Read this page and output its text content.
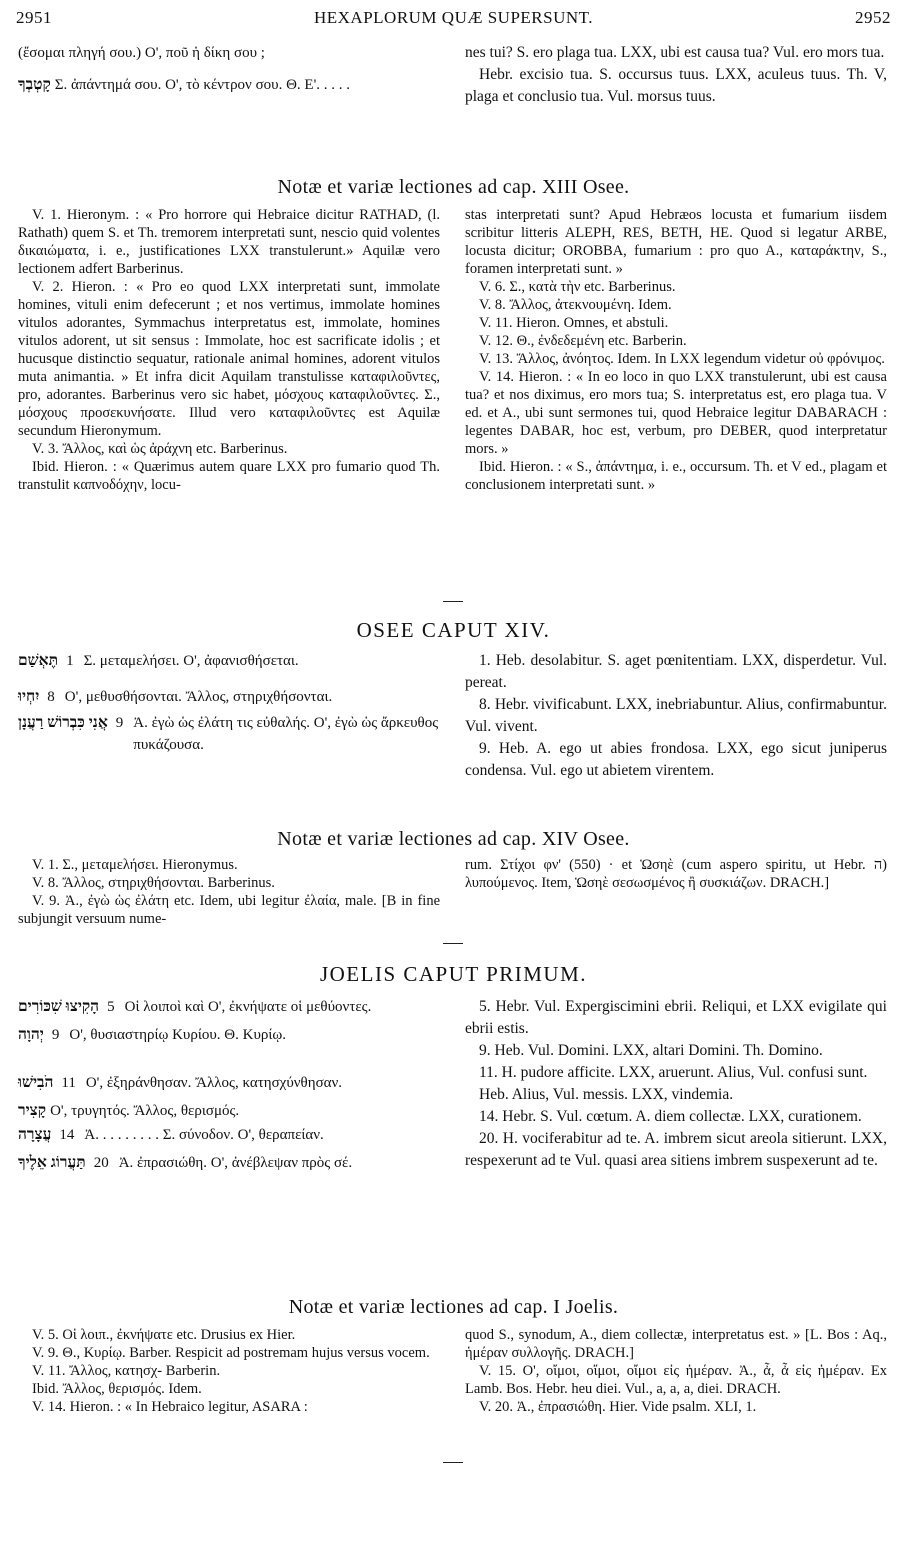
2951	HEXAPLORUM QUÆ SUPERSUNT.	2952
(ἔσομαι πληγή σου.) Ο', ποῦ ἡ δίκη σου ;
קָטְבְךָ Σ. ἀπάντημά σου. Ο', τὸ κέντρον σου. Θ. Ε'. . . . .

nes tui? S. ero plaga tua. LXX, ubi est causa tua? Vul. ero mors tua.

Hebr. excisio tua. S. occursus tuus. LXX, aculeus tuus. Th. V, plaga et conclusio tua. Vul. morsus tuus.

Notæ et variæ lectiones ad cap. XIII Osee.

V. 1. Hieronym. : « Pro horrore qui Hebraice dicitur RATHAD, (l. Rathath) quem S. et Th. tremorem interpretati sunt, nescio quid volentes δικαιώματα, i. e., justificationes LXX transtulerunt.» Aquilæ vero lectionem adfert Barberinus.

V. 2. Hieron. : « Pro eo quod LXX interpretati sunt, immolate homines, vituli enim defecerunt ; et nos vertimus, immolate homines vitulos adorantes, Symmachus interpretatus est, immolate, homines vitulos adorent, ut sit sensus : Immolate, hoc est sacrificate idolis ; et hucusque distinctio sequatur, rationale animal homines, adorent vitulos muta animantia. » Et infra dicit Aquilam transtulisse καταφιλοῦντες, pro, adorantes. Barberinus vero sic habet, μόσχους καταφιλοῦντες. Σ., μόσχους προσεκυνήσατε. Illud vero καταφιλοῦντες est Aquilæ secundum Hieronymum.

V. 3. Ἄλλος, καὶ ὡς ἀράχνη etc. Barberinus.

Ibid. Hieron. : « Quærimus autem quare LXX pro fumario quod Th. transtulit καπνοδόχην, locu-

stas interpretati sunt? Apud Hebræos locusta et fumarium iisdem scribitur litteris ALEPH, RES, BETH, HE. Quod si legatur ARBE, locusta dicitur; OROBBA, fumarium : pro quo A., καταράκτην, S., foramen interpretati sunt. »

V. 6. Σ., κατὰ τὴν etc. Barberinus.

V. 8. Ἄλλος, ἀτεκνουμένη. Idem.

V. 11. Hieron. Omnes, et abstuli.

V. 12. Θ., ἐνδεδεμένη etc. Barberin.

V. 13. Ἄλλος, ἀνόητος. Idem. In LXX legendum videtur οὐ φρόνιμος.

V. 14. Hieron. : « In eo loco in quo LXX transtulerunt, ubi est causa tua? et nos diximus, ero mors tua; S. interpretatus est, ero plaga tua. V ed. et A., ubi sunt sermones tui, quod Hebraice legitur DABARACH : legentes DABAR, hoc est, verbum, pro DEBER, quod interpretatur mors. »

Ibid. Hieron. : « S., ἀπάντημα, i. e., occursum. Th. et V ed., plagam et conclusionem interpretati sunt. »

OSEE CAPUT XIV.
תֶּאְשַׁם 1 Σ. μεταμελήσει. Ο', ἀφανισθήσεται.
יִחְיוּ 8 Ο', μεθυσθήσονται. Ἄλλος, στηριχθήσονται.
אֲנִי כִּבְרוֹשׁ רַעֲנָן 9 Ἀ. ἐγὼ ὡς ἐλάτη τις εὐθαλής. Ο', ἐγὼ ὡς ἄρκευθος πυκάζουσα.

1. Heb. desolabitur. S. aget pœnitentiam. LXX, disperdetur. Vul. pereat.

8. Hebr. vivificabunt. LXX, inebriabuntur. Alius, confirmabuntur. Vul. vivent.

9. Heb. A. ego ut abies frondosa. LXX, ego sicut juniperus condensa. Vul. ego ut abietem virentem.

Notæ et variæ lectiones ad cap. XIV Osee.

V. 1. Σ., μεταμελήσει. Hieronymus.

V. 8. Ἄλλος, στηριχθήσονται. Barberinus.

V. 9. Ἀ., ἐγὼ ὡς ἐλάτη etc. Idem, ubi legitur ἐλαία, male. [B in fine subjungit versuum nume-

rum. Στίχοι φν' (550) · et Ὡσηὲ (cum aspero spiritu, ut Hebr. ה) λυπούμενος. Item, Ὡσηὲ σεσωσμένος ἢ συσκιάζων. DRACH.]

JOELIS CAPUT PRIMUM.
הָקִיצוּ שִׁכּוֹרִים 5 Οἱ λοιποὶ καὶ Ο', ἐκνήψατε οἱ μεθύοντες.
יְהוָה 9 Ο', θυσιαστηρίῳ Κυρίου. Θ. Κυρίῳ.
הֹבִישׁוּ 11 Ο', ἐξηράνθησαν. Ἄλλος, κατησχύνθησαν.
קָצִיר Ο', τρυγητός. Ἄλλος, θερισμός.
עֲצָרָה 14 Ἀ. . . . . . . . . Σ. σύνοδον. Ο', θεραπείαν.
תַּעֲרוֹג אֵלֶיךָ 20 Ἀ. ἐπρασιώθη. Ο', ἀνέβλεψαν πρὸς σέ.

5. Hebr. Vul. Expergiscimini ebrii. Reliqui, et LXX evigilate qui ebrii estis.

9. Heb. Vul. Domini. LXX, altari Domini. Th. Domino.

11. H. pudore afficite. LXX, aruerunt. Alius, Vul. confusi sunt.

Heb. Alius, Vul. messis. LXX, vindemia.

14. Hebr. S. Vul. cœtum. A. diem collectæ. LXX, curationem.

20. H. vociferabitur ad te. A. imbrem sicut areola sitierunt. LXX, respexerunt ad te Vul. quasi area sitiens imbrem suspexerunt ad te.

Notæ et variæ lectiones ad cap. I Joelis.

V. 5. Οἱ λοιπ., ἐκνήψατε etc. Drusius ex Hier.

V. 9. Θ., Κυρίῳ. Barber. Respicit ad postremam hujus versus vocem.

V. 11. Ἄλλος, κατησχ- Barberin.

Ibid. Ἄλλος, θερισμός. Idem.

V. 14. Hieron. : « In Hebraico legitur, ASARA :

quod S., synodum, A., diem collectæ, interpretatus est. » [L. Bos : Aq., ἡμέραν συλλογῆς. DRACH.]

V. 15. Ο', οἴμοι, οἴμοι, οἴμοι εἰς ἡμέραν. Ἀ., ἆ, ἆ εἰς ἡμέραν. Ex Lamb. Bos. Hebr. heu diei. Vul., a, a, a, diei. DRACH.

V. 20. Ἀ., ἐπρασιώθη. Hier. Vide psalm. XLI, 1.
